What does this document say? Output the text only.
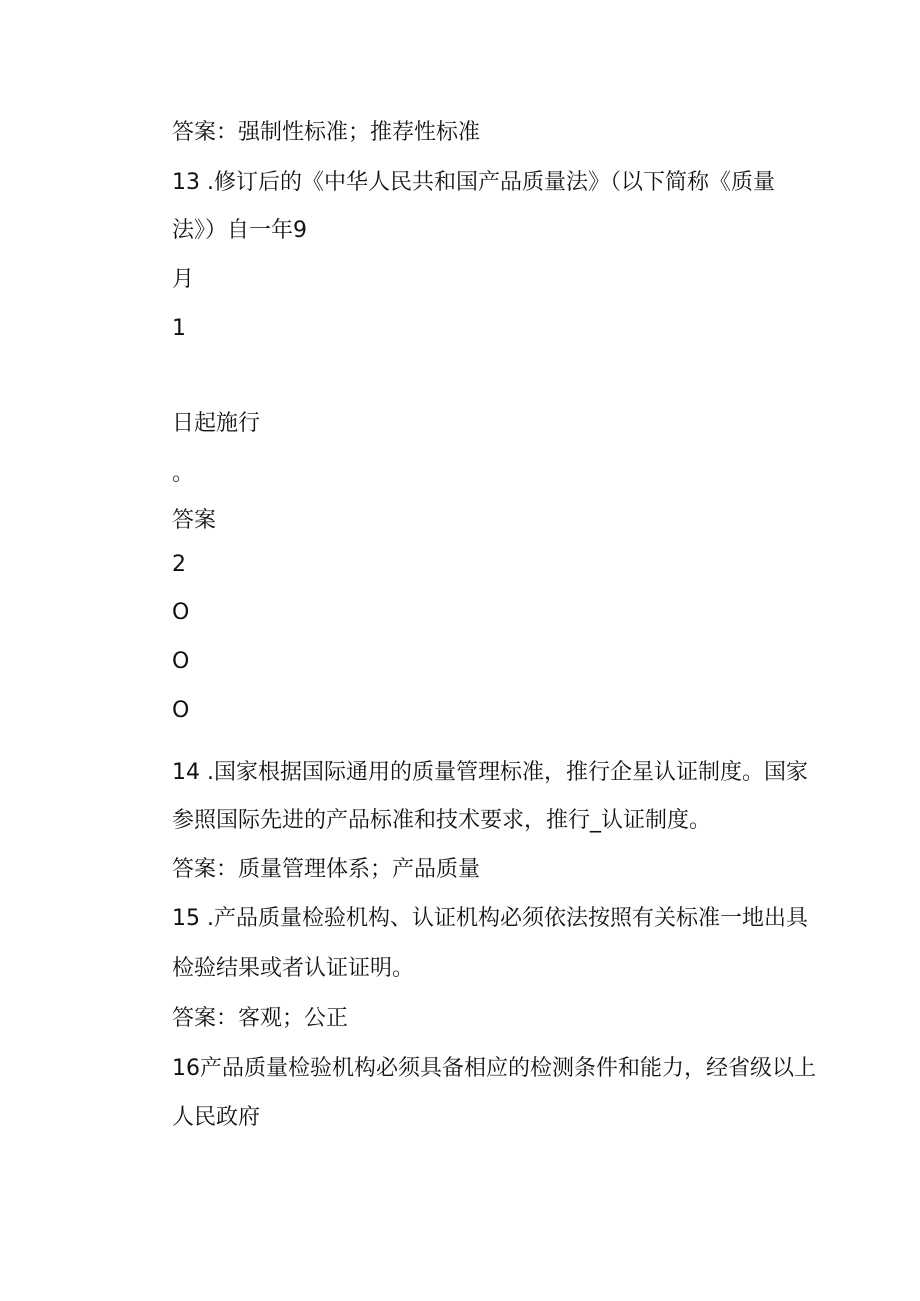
答案：强制性标准；推荐性标准
13 .修订后的《中华人民共和国产品质量法》（以下简称《质量
法》）自一年9
月
1
日起施行
。
答案
2
O
O
O
14 .国家根据国际通用的质量管理标准，推行企星认证制度。国家
参照国际先进的产品标准和技术要求，推行_认证制度。
答案：质量管理体系；产品质量
15 .产品质量检验机构、认证机构必须依法按照有关标准一地出具
检验结果或者认证证明。
答案：客观；公正
16产品质量检验机构必须具备相应的检测条件和能力，经省级以上
人民政府
